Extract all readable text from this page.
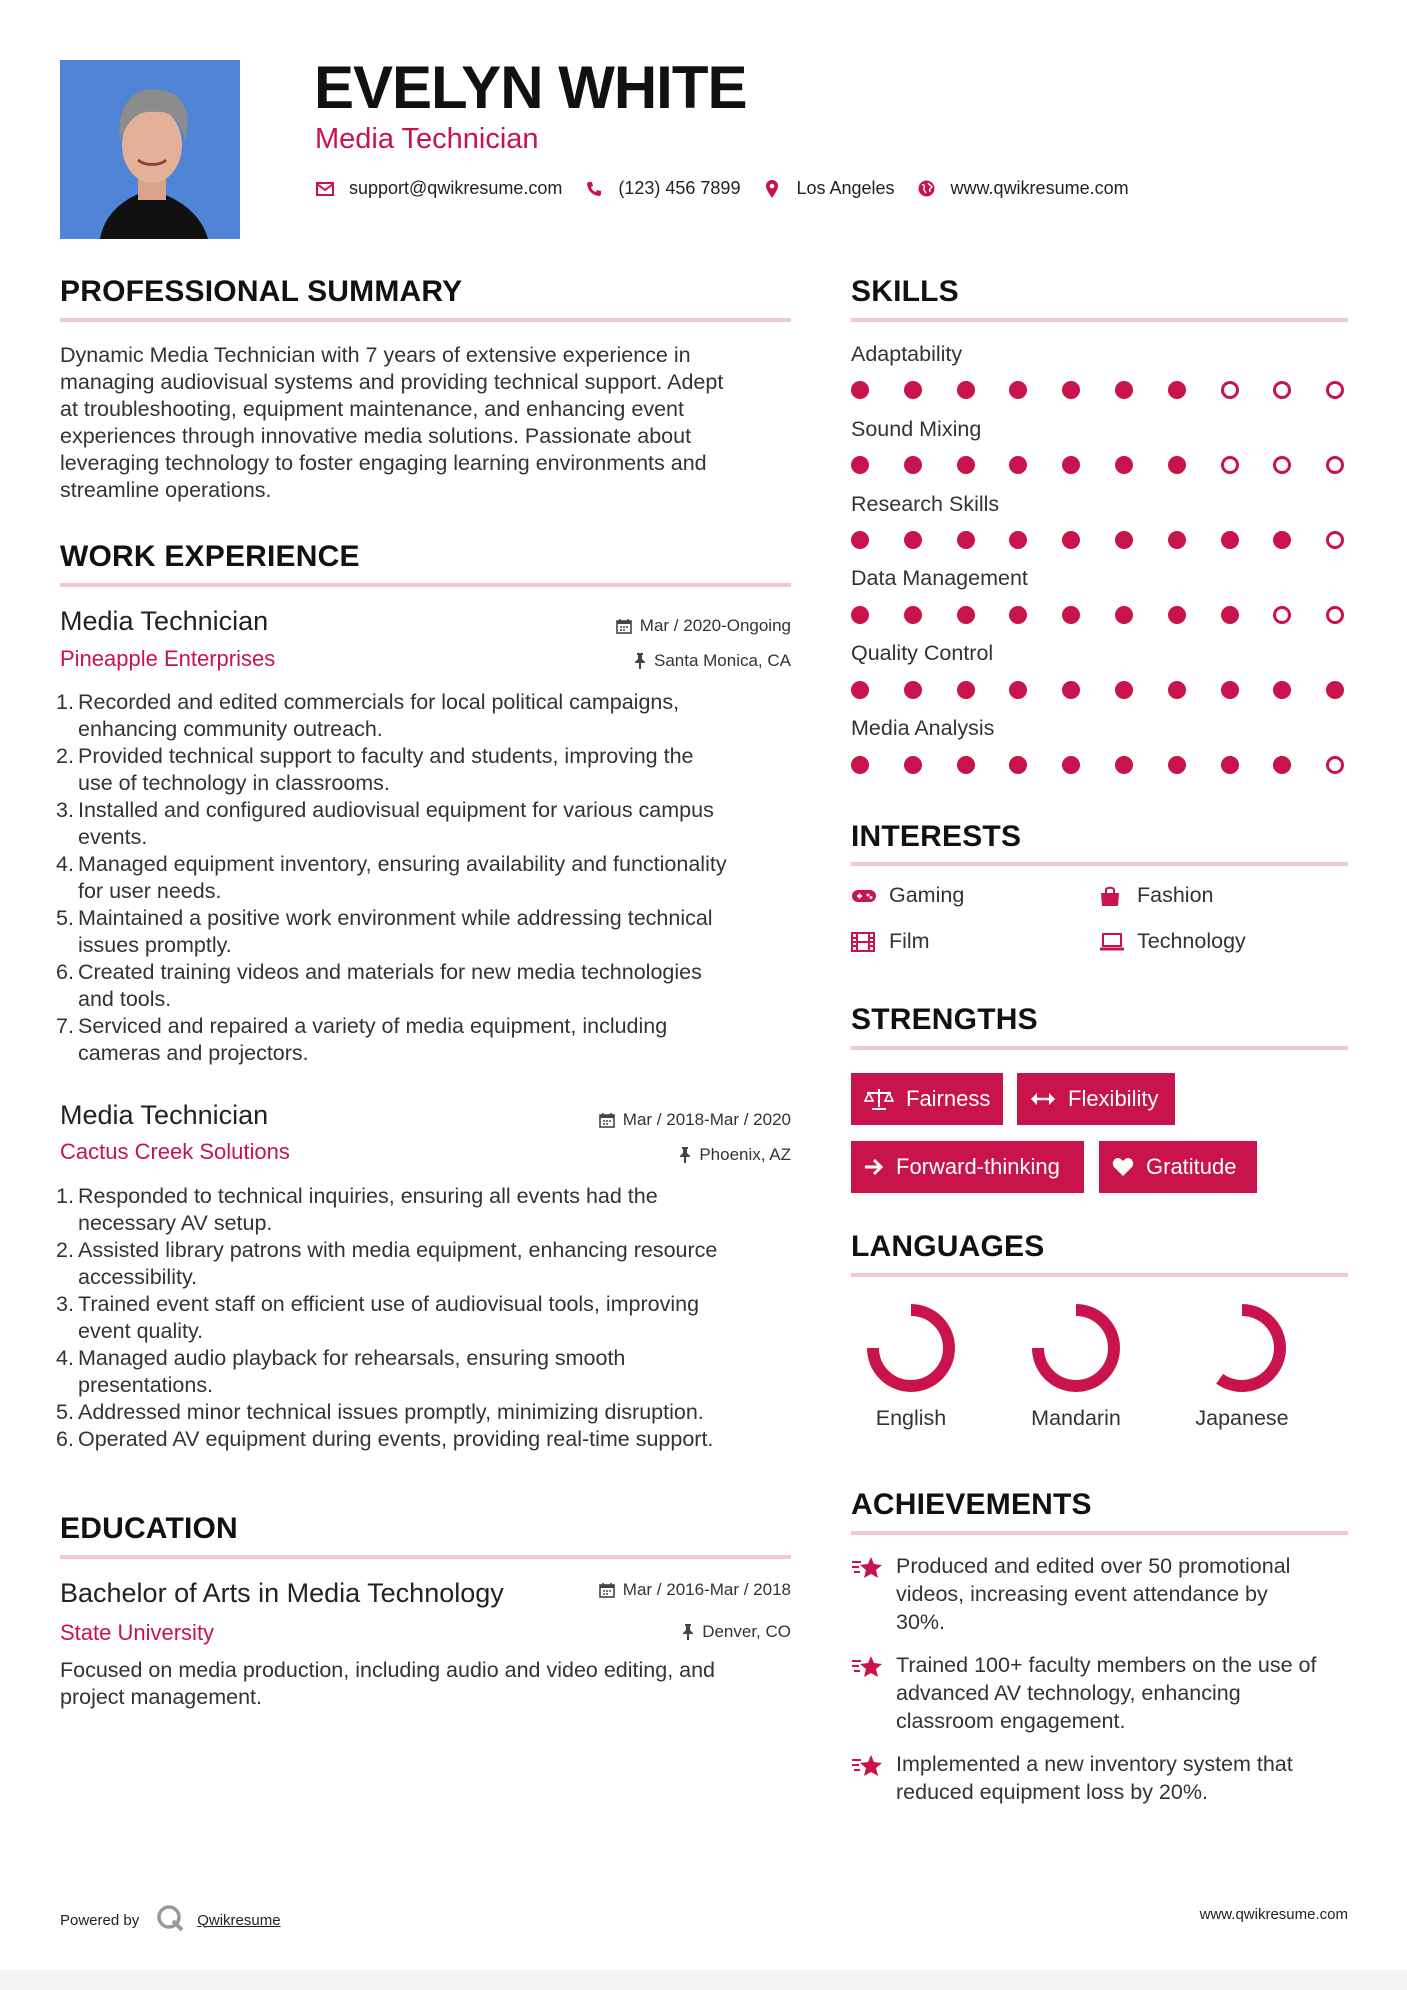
EVELYN WHITE
Media Technician
support@qwikresume.com	(123) 456 7899	Los Angeles	www.qwikresume.com
PROFESSIONAL SUMMARY
Dynamic Media Technician with 7 years of extensive experience in
managing audiovisual systems and providing technical support. Adept
at troubleshooting, equipment maintenance, and enhancing event
experiences through innovative media solutions. Passionate about
leveraging technology to foster engaging learning environments and
streamline operations.
WORK EXPERIENCE
Media Technician	Mar / 2020-Ongoing
Pineapple Enterprises	Santa Monica, CA
1. Recorded and edited commercials for local political campaigns,
enhancing community outreach.
2. Provided technical support to faculty and students, improving the
use of technology in classrooms.
3. Installed and configured audiovisual equipment for various campus
events.
4. Managed equipment inventory, ensuring availability and functionality
for user needs.
5. Maintained a positive work environment while addressing technical
issues promptly.
6. Created training videos and materials for new media technologies
and tools.
7. Serviced and repaired a variety of media equipment, including
cameras and projectors.
Media Technician	Mar / 2018-Mar / 2020
Cactus Creek Solutions	Phoenix, AZ
1. Responded to technical inquiries, ensuring all events had the
necessary AV setup.
2. Assisted library patrons with media equipment, enhancing resource
accessibility.
3. Trained event staff on efficient use of audiovisual tools, improving
event quality.
4. Managed audio playback for rehearsals, ensuring smooth
presentations.
5. Addressed minor technical issues promptly, minimizing disruption.
6. Operated AV equipment during events, providing real-time support.
EDUCATION
Bachelor of Arts in Media Technology	Mar / 2016-Mar / 2018
State University	Denver, CO
Focused on media production, including audio and video editing, and
project management.
SKILLS
Adaptability
Sound Mixing
Research Skills
Data Management
Quality Control
Media Analysis
INTERESTS
Gaming	Fashion
Film	Technology
STRENGTHS
Fairness	Flexibility
Forward-thinking	Gratitude
LANGUAGES
English	Mandarin	Japanese
ACHIEVEMENTS
Produced and edited over 50 promotional
videos, increasing event attendance by
30%.
Trained 100+ faculty members on the use of
advanced AV technology, enhancing
classroom engagement.
Implemented a new inventory system that
reduced equipment loss by 20%.
Powered by	Qwikresume	www.qwikresume.com
